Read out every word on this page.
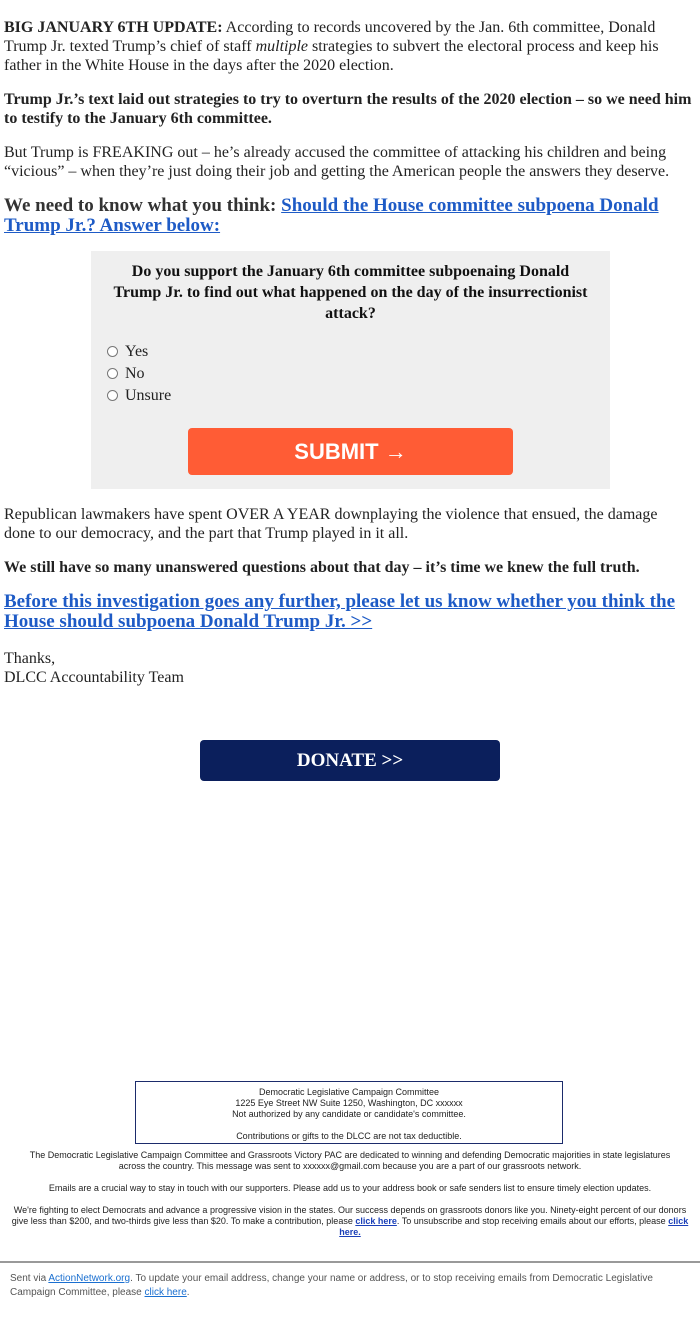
BIG JANUARY 6TH UPDATE: According to records uncovered by the Jan. 6th committee, Donald Trump Jr. texted Trump’s chief of staff multiple strategies to subvert the electoral process and keep his father in the White House in the days after the 2020 election.

Trump Jr.’s text laid out strategies to try to overturn the results of the 2020 election – so we need him to testify to the January 6th committee.

But Trump is FREAKING out – he’s already accused the committee of attacking his children and being “vicious” – when they’re just doing their job and getting the American people the answers they deserve.

We need to know what you think: Should the House committee subpoena Donald Trump Jr.? Answer below:
Do you support the January 6th committee subpoenaing Donald Trump Jr. to find out what happened on the day of the insurrectionist attack?
Yes
No
Unsure
SUBMIT →

Republican lawmakers have spent OVER A YEAR downplaying the violence that ensued, the damage done to our democracy, and the part that Trump played in it all.

We still have so many unanswered questions about that day – it’s time we knew the full truth.

Before this investigation goes any further, please let us know whether you think the House should subpoena Donald Trump Jr. >>
Thanks,
DLCC Accountability Team
DONATE >>
Democratic Legislative Campaign Committee
1225 Eye Street NW Suite 1250, Washington, DC xxxxxx
Not authorized by any candidate or candidate's committee.
Contributions or gifts to the DLCC are not tax deductible.
The Democratic Legislative Campaign Committee and Grassroots Victory PAC are dedicated to winning and defending Democratic majorities in state legislatures across the country. This message was sent to xxxxxx@gmail.com because you are a part of our grassroots network.
Emails are a crucial way to stay in touch with our supporters. Please add us to your address book or safe senders list to ensure timely election updates.
We're fighting to elect Democrats and advance a progressive vision in the states. Our success depends on grassroots donors like you. Ninety-eight percent of our donors give less than $200, and two-thirds give less than $20. To make a contribution, please click here. To unsubscribe and stop receiving emails about our efforts, please click here.
Sent via ActionNetwork.org. To update your email address, change your name or address, or to stop receiving emails from Democratic Legislative Campaign Committee, please click here.
